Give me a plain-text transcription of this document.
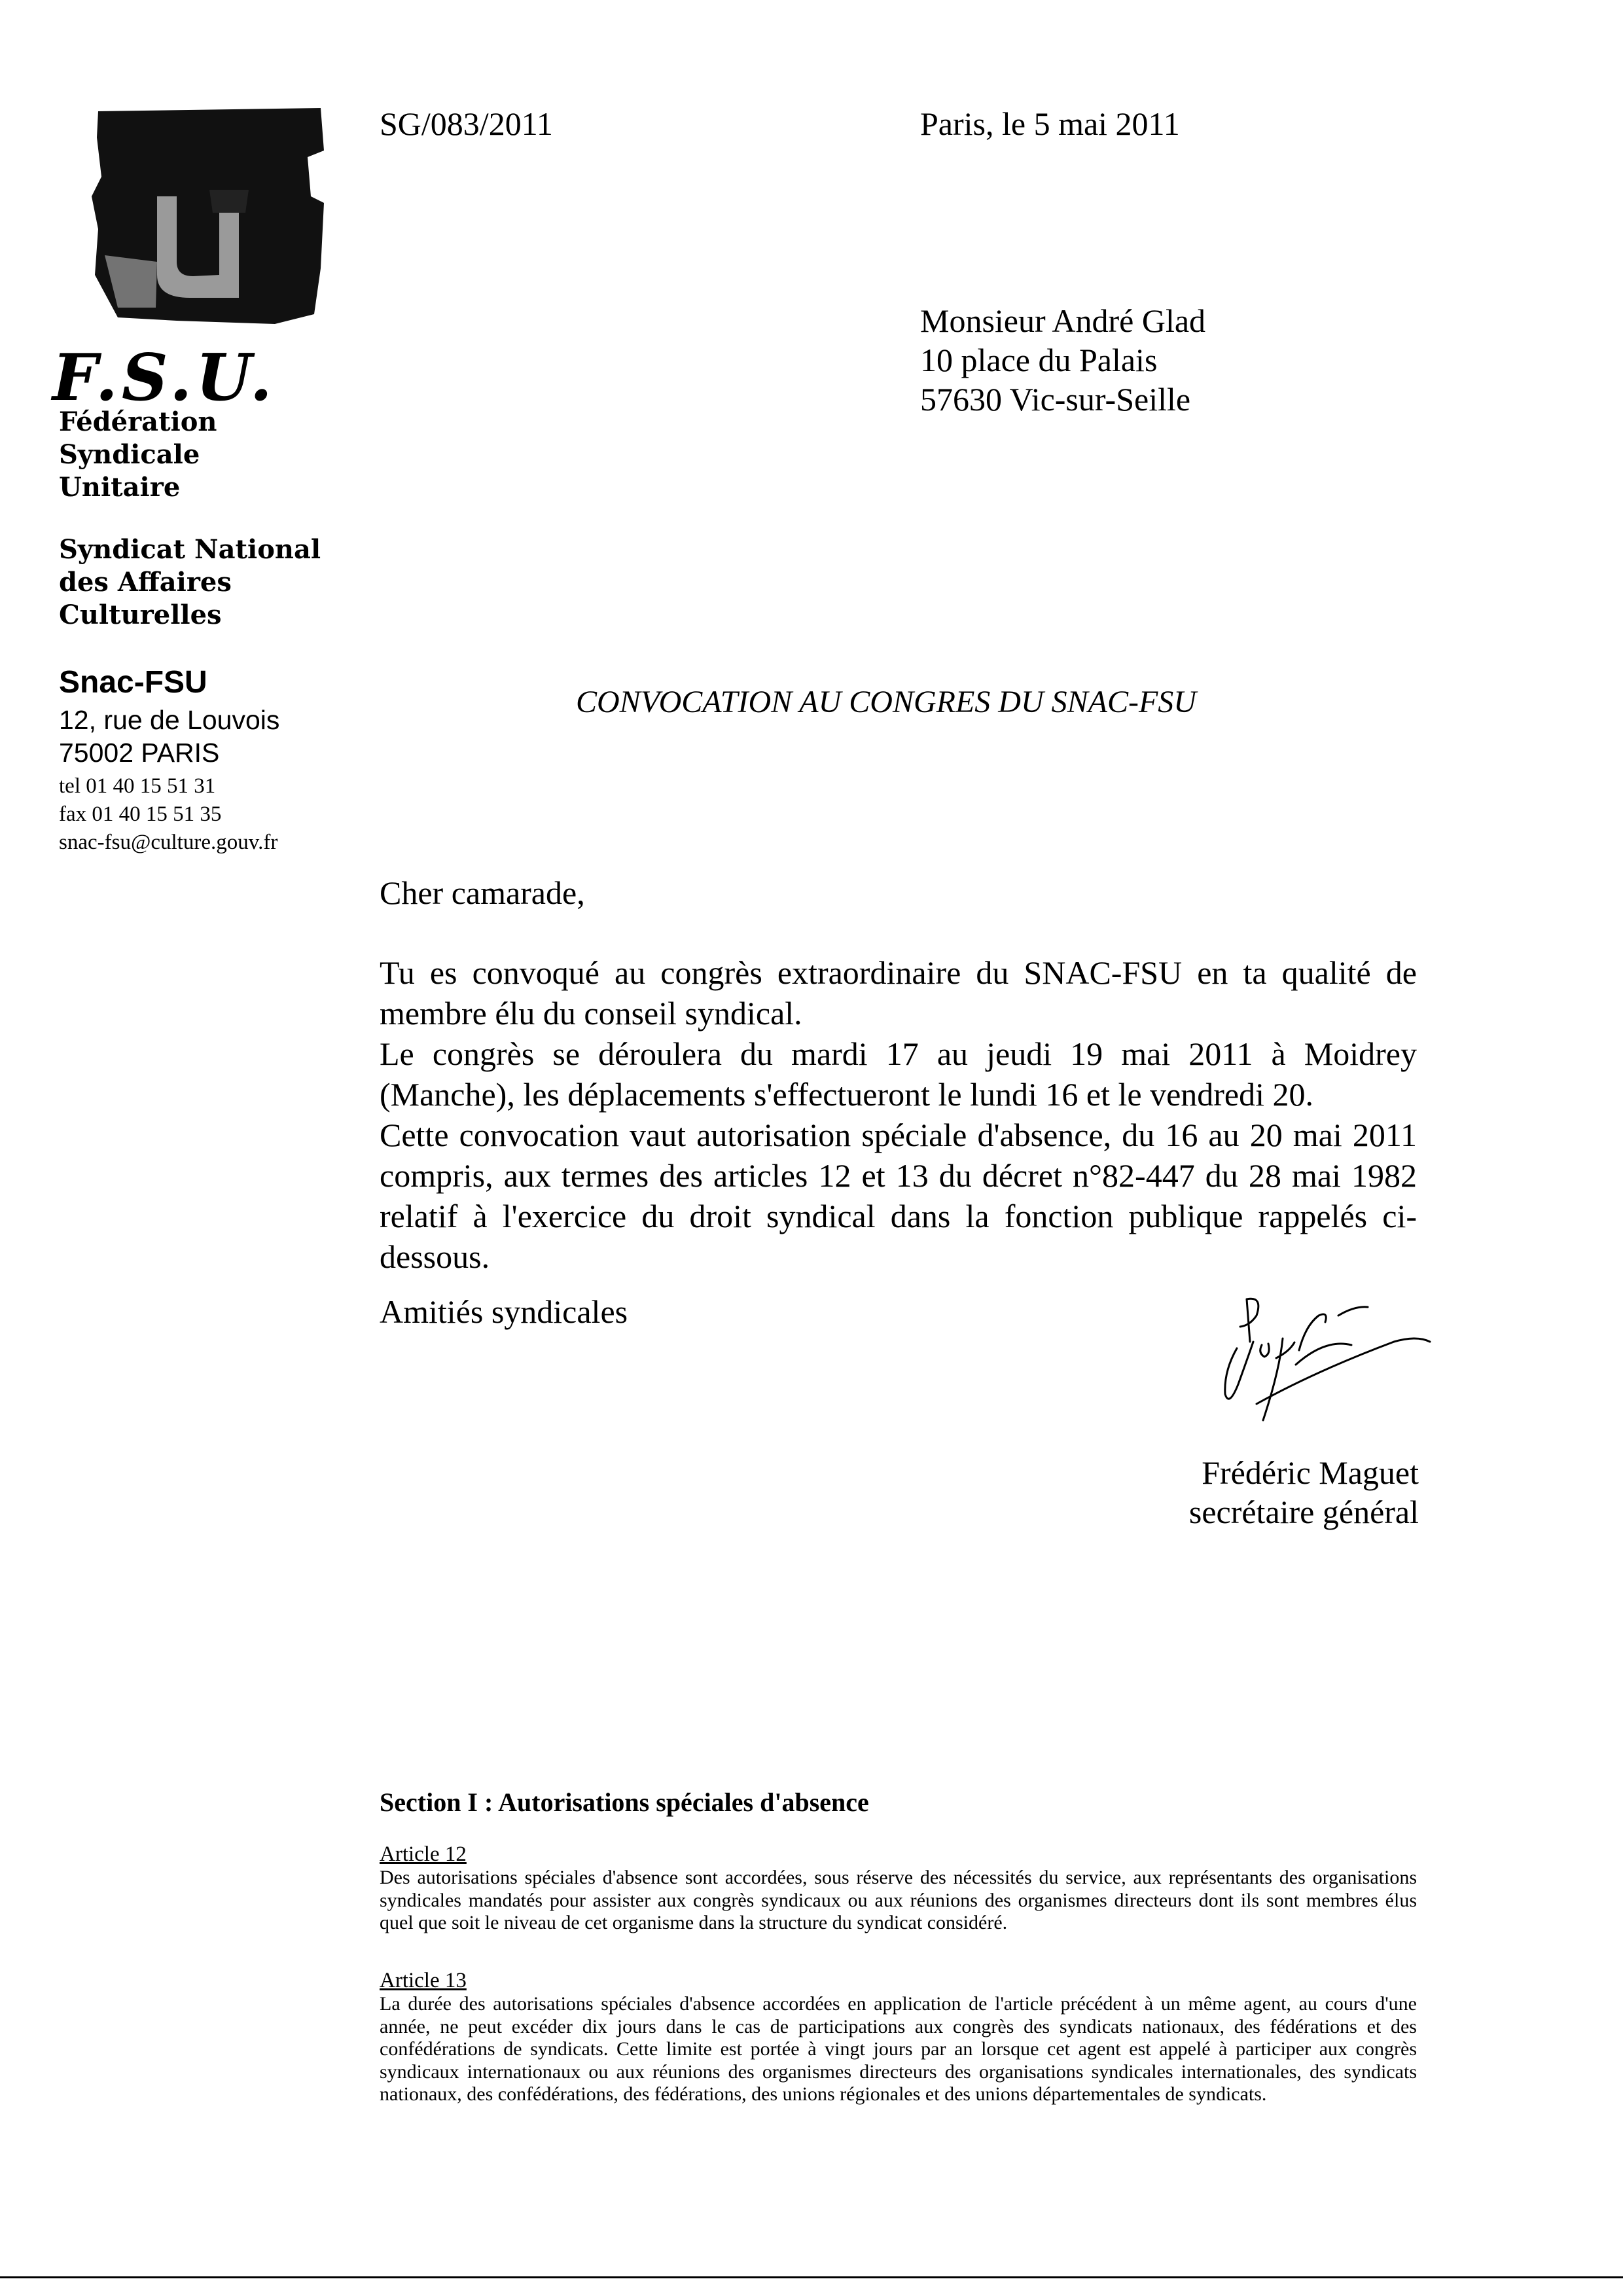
F.S.U.
Fédération
Syndicale
Unitaire
Syndicat National
des Affaires
Culturelles
Snac-FSU
12, rue de Louvois
75002 PARIS
tel 01 40 15 51 31
fax 01 40 15 51 35
snac-fsu@culture.gouv.fr
SG/083/2011	Paris, le 5 mai 2011
Monsieur André Glad
10 place du Palais
57630 Vic-sur-Seille
CONVOCATION AU CONGRES DU SNAC-FSU
Cher camarade,

Tu es convoqué au congrès extraordinaire du SNAC-FSU en ta qualité de membre élu du conseil syndical.

Le congrès se déroulera du mardi 17 au jeudi 19 mai 2011 à Moidrey (Manche), les déplacements s'effectueront le lundi 16 et le vendredi 20.

Cette convocation vaut autorisation spéciale d'absence, du 16 au 20 mai 2011 compris, aux termes des articles 12 et 13 du décret n°82-447 du 28 mai 1982 relatif à l'exercice du droit syndical dans la fonction publique rappelés ci-dessous.

Amitiés syndicales
Frédéric Maguet
secrétaire général
Section I : Autorisations spéciales d'absence
Article 12
Des autorisations spéciales d'absence sont accordées, sous réserve des nécessités du service, aux représentants des organisations syndicales mandatés pour assister aux congrès syndicaux ou aux réunions des organismes directeurs dont ils sont membres élus quel que soit le niveau de cet organisme dans la structure du syndicat considéré.
Article 13
La durée des autorisations spéciales d'absence accordées en application de l'article précédent à un même agent, au cours d'une année, ne peut excéder dix jours dans le cas de participations aux congrès des syndicats nationaux, des fédérations et des confédérations de syndicats. Cette limite est portée à vingt jours par an lorsque cet agent est appelé à participer aux congrès syndicaux internationaux ou aux réunions des organismes directeurs des organisations syndicales internationales, des syndicats nationaux, des confédérations, des fédérations, des unions régionales et des unions départementales de syndicats.
